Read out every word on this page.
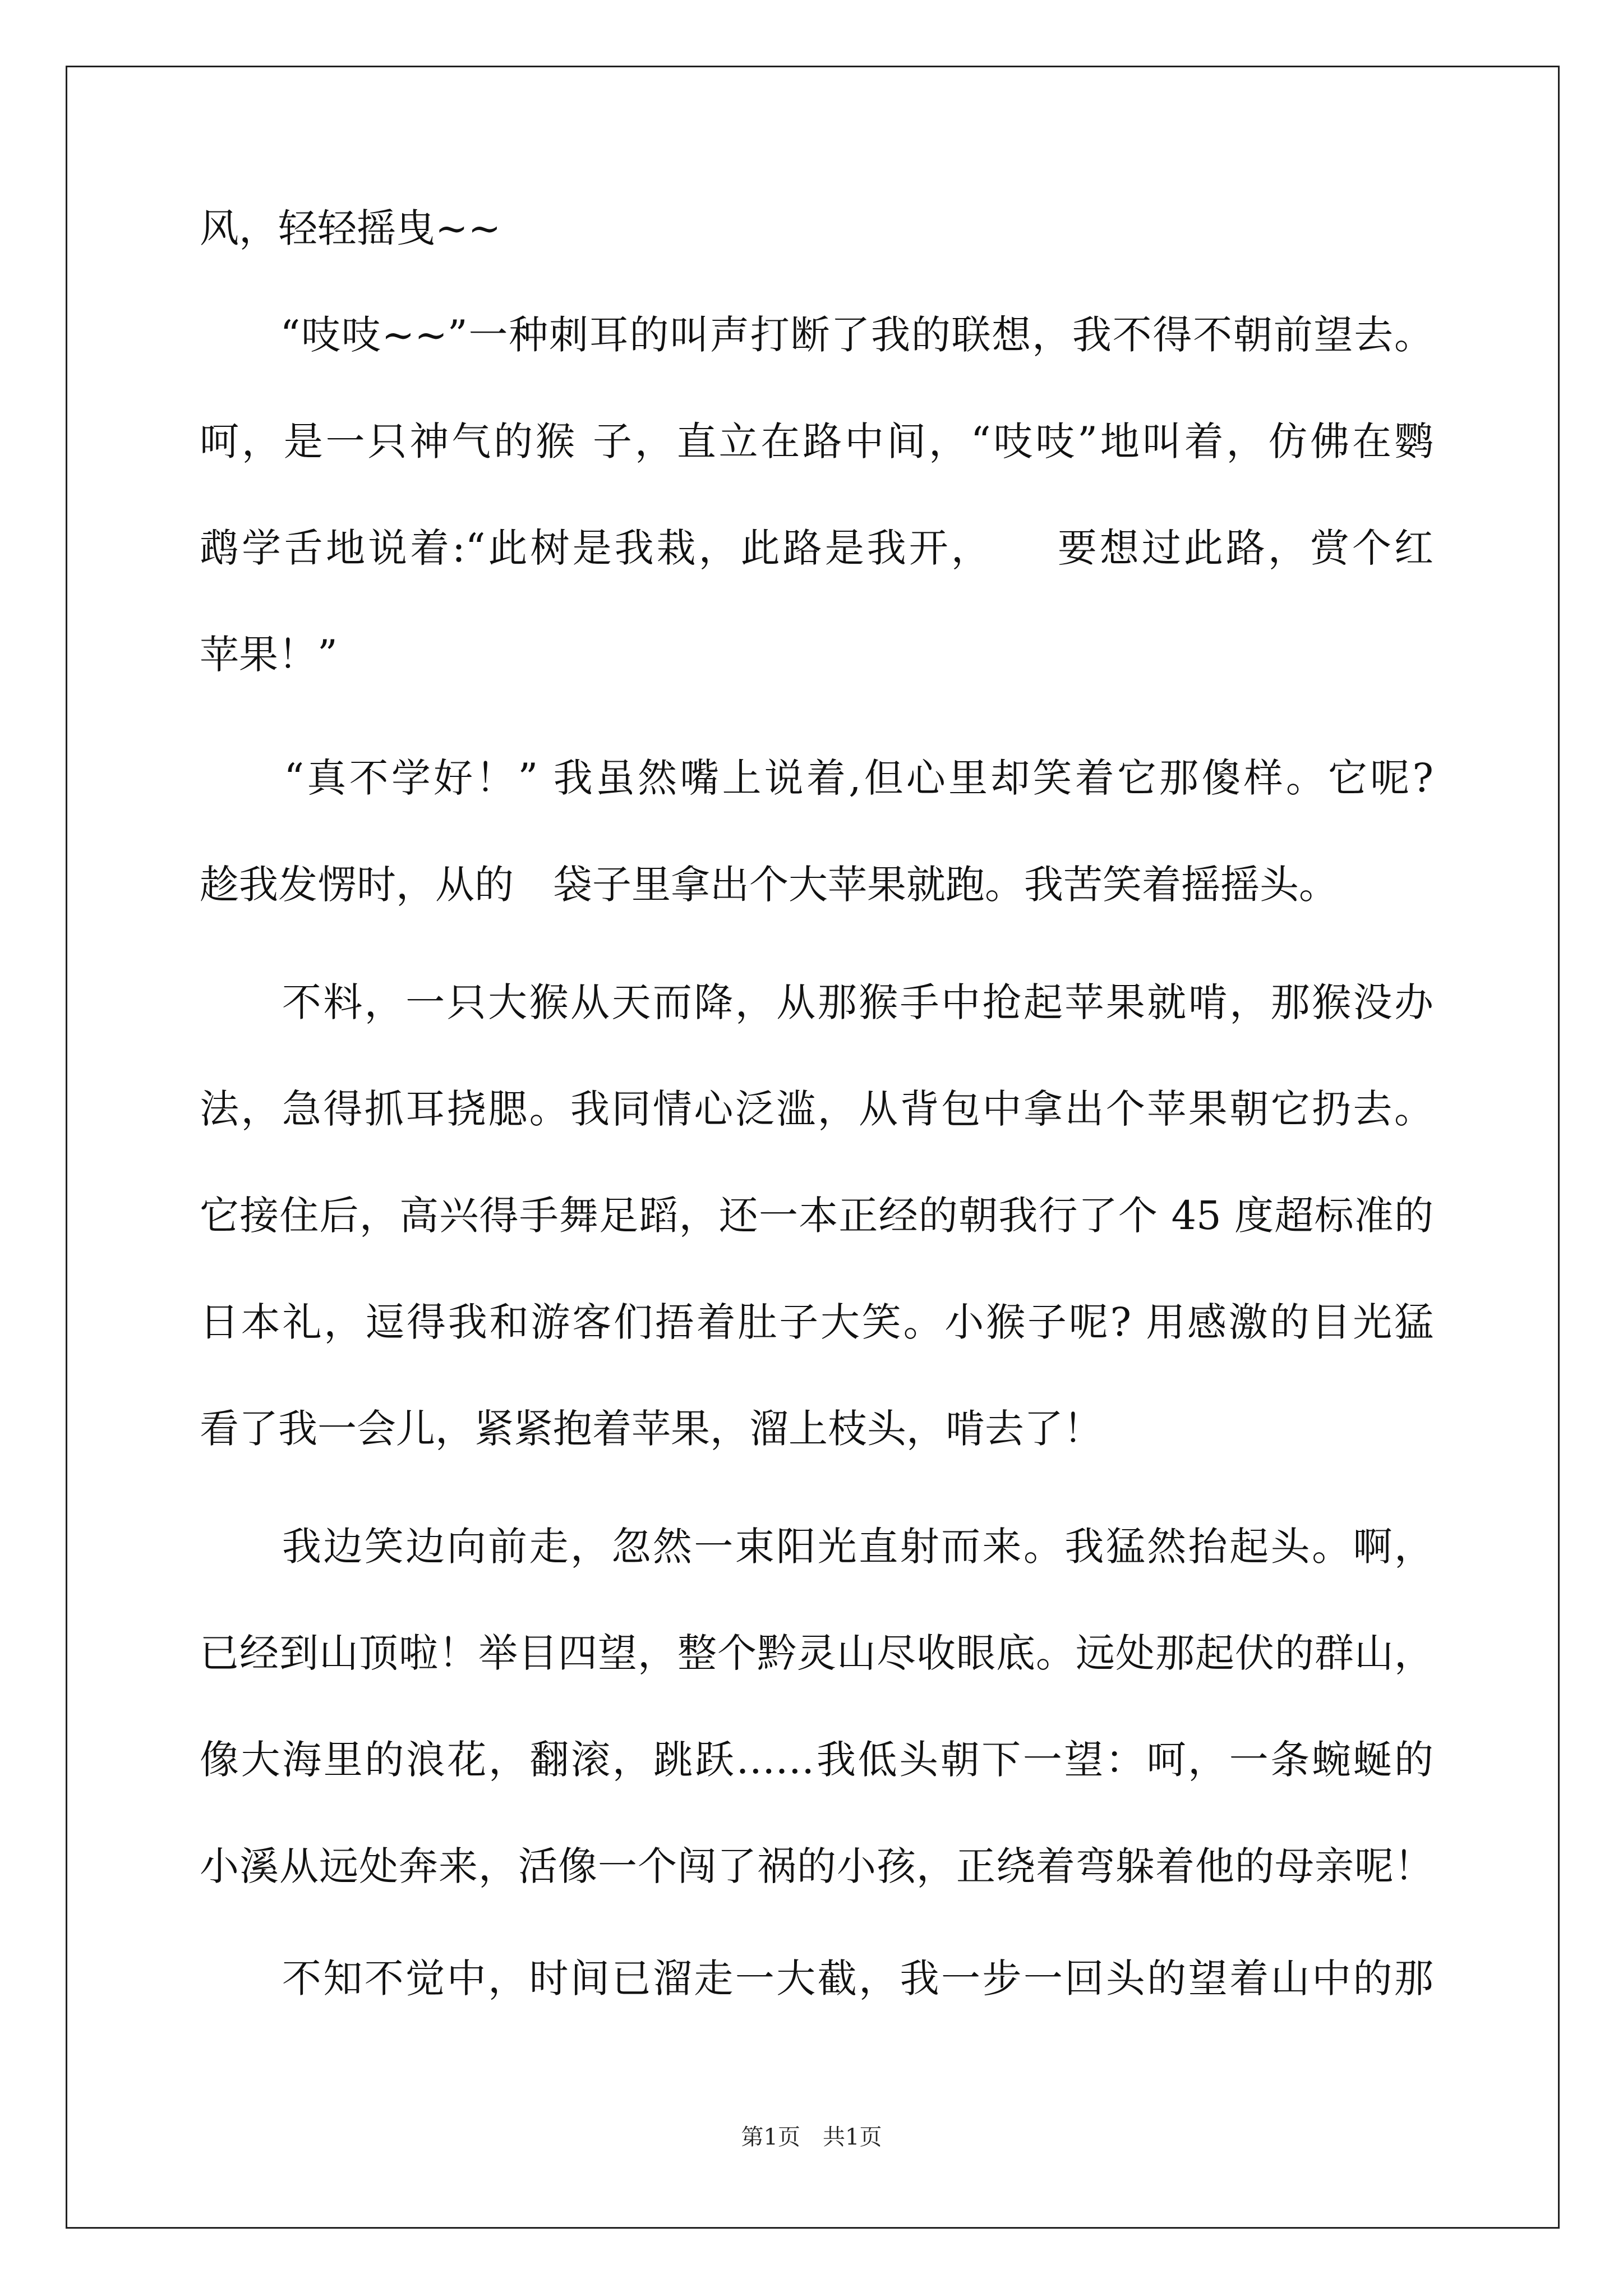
风，轻轻摇曳~~
　　“吱吱~~”一种刺耳的叫声打断了我的联想，我不得不朝前望去。
呵，是一只神气的猴 子，直立在路中间，“吱吱”地叫着，仿佛在鹦
鹉学舌地说着:“此树是我栽，此路是我开，　　要想过此路，赏个红
苹果！”
　　“真不学好！” 我虽然嘴上说着,但心里却笑着它那傻样。它呢?
趁我发愣时，从的　袋子里拿出个大苹果就跑。我苦笑着摇摇头。
　　不料，一只大猴从天而降，从那猴手中抢起苹果就啃，那猴没办
法，急得抓耳挠腮。我同情心泛滥，从背包中拿出个苹果朝它扔去。
它接住后，高兴得手舞足蹈，还一本正经的朝我行了个 45 度超标准的
日本礼，逗得我和游客们捂着肚子大笑。小猴子呢? 用感激的目光猛
看了我一会儿，紧紧抱着苹果，溜上枝头，啃去了！
　　我边笑边向前走，忽然一束阳光直射而来。我猛然抬起头。啊，
已经到山顶啦！举目四望，整个黔灵山尽收眼底。远处那起伏的群山，
像大海里的浪花，翻滚，跳跃……我低头朝下一望：呵，一条蜿蜒的
小溪从远处奔来，活像一个闯了祸的小孩，正绕着弯躲着他的母亲呢！
　　不知不觉中，时间已溜走一大截，我一步一回头的望着山中的那
第1页　共1页
